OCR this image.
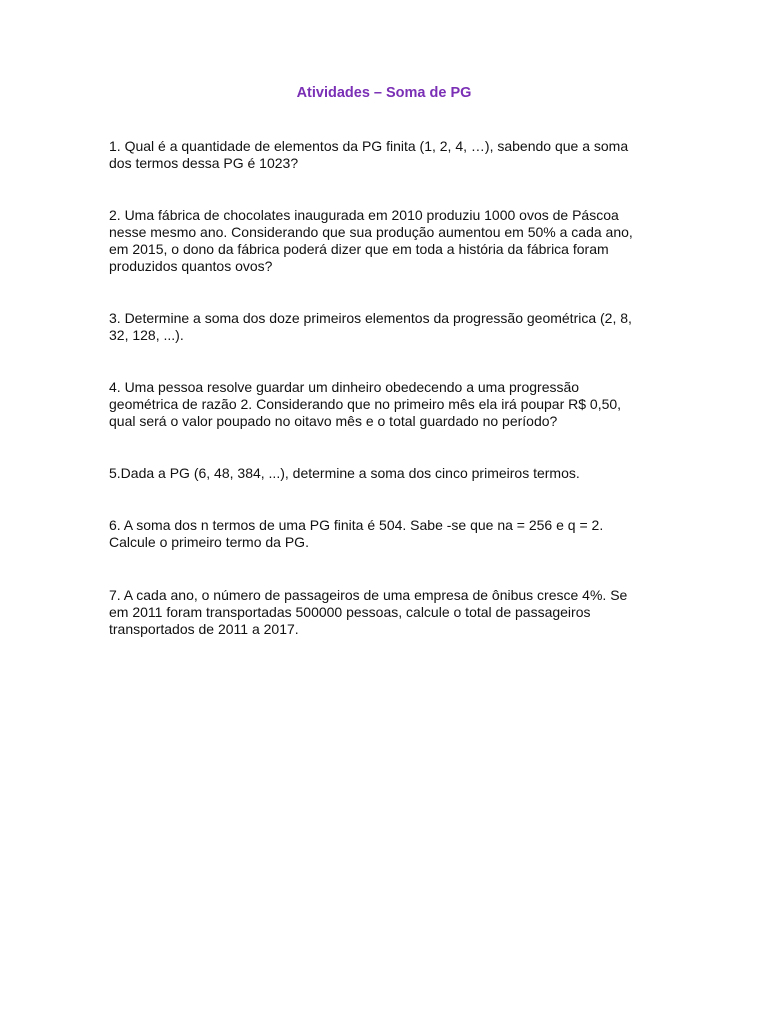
Atividades – Soma de PG
1. Qual é a quantidade de elementos da PG finita (1, 2, 4, …), sabendo que a soma
dos termos dessa PG é 1023?
2. Uma fábrica de chocolates inaugurada em 2010 produziu 1000 ovos de Páscoa
nesse mesmo ano. Considerando que sua produção aumentou em 50% a cada ano,
em 2015, o dono da fábrica poderá dizer que em toda a história da fábrica foram
produzidos quantos ovos?
3. Determine a soma dos doze primeiros elementos da progressão geométrica (2, 8,
32, 128, ...).
4. Uma pessoa resolve guardar um dinheiro obedecendo a uma progressão
geométrica de razão 2. Considerando que no primeiro mês ela irá poupar R$ 0,50,
qual será o valor poupado no oitavo mês e o total guardado no período?
5.Dada a PG (6, 48, 384, ...), determine a soma dos cinco primeiros termos.
6. A soma dos n termos de uma PG finita é 504. Sabe -se que na = 256 e q = 2.
Calcule o primeiro termo da PG.
7. A cada ano, o número de passageiros de uma empresa de ônibus cresce 4%. Se
em 2011 foram transportadas 500000 pessoas, calcule o total de passageiros
transportados de 2011 a 2017.
